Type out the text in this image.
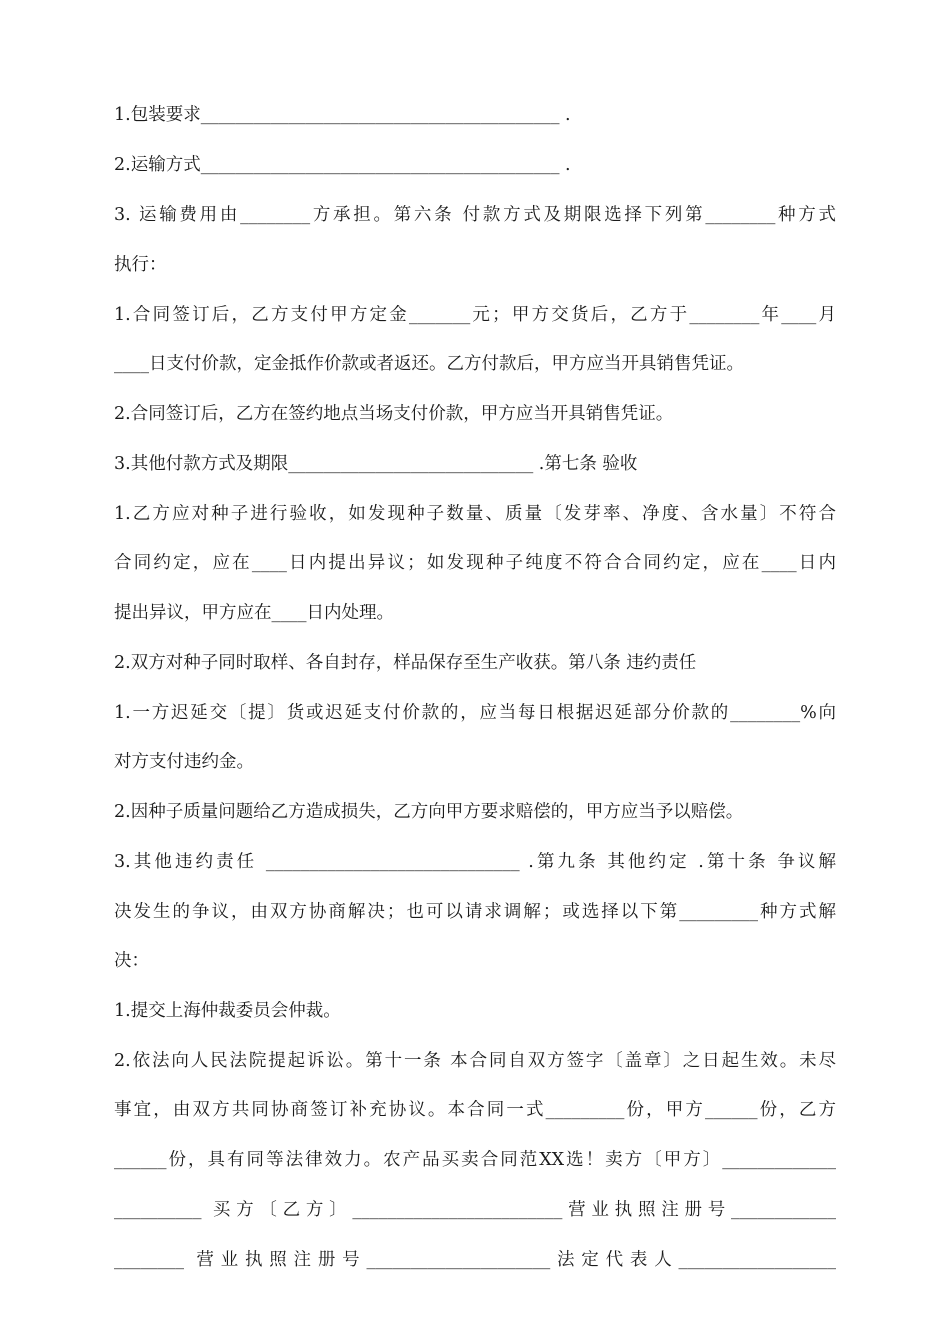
1.包装要求_________________________________________ .
2.运输方式_________________________________________ .
3. 运输费用由________方承担。第六条 付款方式及期限选择下列第________种方式
执行：
1.合同签订后，乙方支付甲方定金_______元；甲方交货后，乙方于________年____月
____日支付价款，定金抵作价款或者返还。乙方付款后，甲方应当开具销售凭证。
2.合同签订后，乙方在签约地点当场支付价款，甲方应当开具销售凭证。
3.其他付款方式及期限____________________________ .第七条 验收
1.乙方应对种子进行验收，如发现种子数量、质量〔发芽率、净度、含水量〕不符合
合同约定，应在____日内提出异议；如发现种子纯度不符合合同约定，应在____日内
提出异议，甲方应在____日内处理。
2.双方对种子同时取样、各自封存，样品保存至生产收获。第八条 违约责任
1.一方迟延交〔提〕货或迟延支付价款的，应当每日根据迟延部分价款的________%向
对方支付违约金。
2.因种子质量问题给乙方造成损失，乙方向甲方要求赔偿的，甲方应当予以赔偿。
3.其他违约责任 _____________________________ .第九条 其他约定 .第十条 争议解
决发生的争议，由双方协商解决；也可以请求调解；或选择以下第_________种方式解
决：
1.提交上海仲裁委员会仲裁。
2.依法向人民法院提起诉讼。第十一条 本合同自双方签字〔盖章〕之日起生效。未尽
事宜，由双方共同协商签订补充协议。本合同一式_________份，甲方______份，乙方
______份，具有同等法律效力。农产品买卖合同范XX选！卖方〔甲方〕_____________
__________ 买方〔乙方〕________________________营业执照注册号____________
________ 营业执照注册号_____________________法定代表人__________________
